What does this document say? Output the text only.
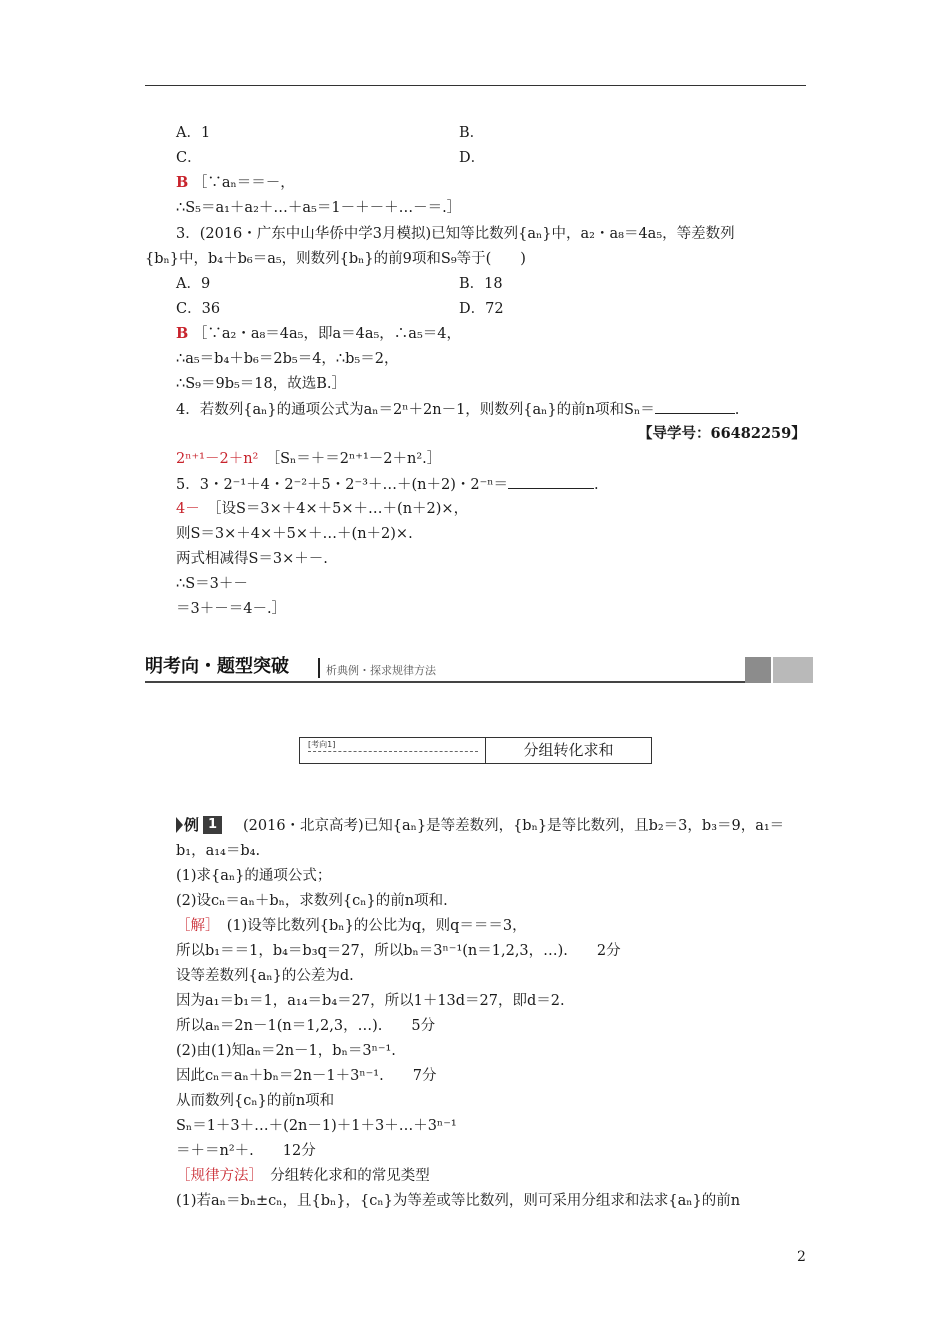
A．1	B．
C．	D．
B ［∵aₙ＝＝－，
∴S₅＝a₁＋a₂＋…＋a₅＝1－＋－＋…－＝.］
3．(2016・广东中山华侨中学3月模拟)已知等比数列{aₙ}中，a₂・a₈＝4a₅，等差数列
{bₙ}中，b₄＋b₆＝a₅，则数列{bₙ}的前9项和S₉等于(　　)
A．9	B．18
C．36	D．72
B ［∵a₂・a₈＝4a₅，即a＝4a₅，∴a₅＝4，
∴a₅＝b₄＋b₆＝2b₅＝4，∴b₅＝2，
∴S₉＝9b₅＝18，故选B.］
4．若数列{aₙ}的通项公式为aₙ＝2ⁿ＋2n－1，则数列{aₙ}的前n项和Sₙ＝	.
【导学号：66482259】
2ⁿ⁺¹－2＋n²　 ［Sₙ＝＋＝2ⁿ⁺¹－2＋n².］
5．3・2⁻¹＋4・2⁻²＋5・2⁻³＋…＋(n＋2)・2⁻ⁿ＝	.
4－　 ［设S＝3×＋4×＋5×＋…＋(n＋2)×，
则S＝3×＋4×＋5×＋…＋(n＋2)×.
两式相减得S＝3×＋－.
∴S＝3＋－
＝3＋－＝4－.］
明考向・题型突破	析典例・探求规律方法
[考向1]	分组转化求和
例 1	(2016・北京高考)已知{aₙ}是等差数列，{bₙ}是等比数列，且b₂＝3，b₃＝9，a₁＝
b₁，a₁₄＝b₄.
(1)求{aₙ}的通项公式；
(2)设cₙ＝aₙ＋bₙ，求数列{cₙ}的前n项和.
［解］　 (1)设等比数列{bₙ}的公比为q，则q＝＝＝3，
所以b₁＝＝1，b₄＝b₃q＝27，所以bₙ＝3ⁿ⁻¹(n＝1,2,3，…).　　2分
设等差数列{aₙ}的公差为d.
因为a₁＝b₁＝1，a₁₄＝b₄＝27，所以1＋13d＝27，即d＝2.
所以aₙ＝2n－1(n＝1,2,3，…).　　5分
(2)由(1)知aₙ＝2n－1，bₙ＝3ⁿ⁻¹.
因此cₙ＝aₙ＋bₙ＝2n－1＋3ⁿ⁻¹.　　7分
从而数列{cₙ}的前n项和
Sₙ＝1＋3＋…＋(2n－1)＋1＋3＋…＋3ⁿ⁻¹
＝＋＝n²＋.　　12分
［规律方法］　 分组转化求和的常见类型
(1)若aₙ＝bₙ±cₙ，且{bₙ}，{cₙ}为等差或等比数列，则可采用分组求和法求{aₙ}的前n
2
